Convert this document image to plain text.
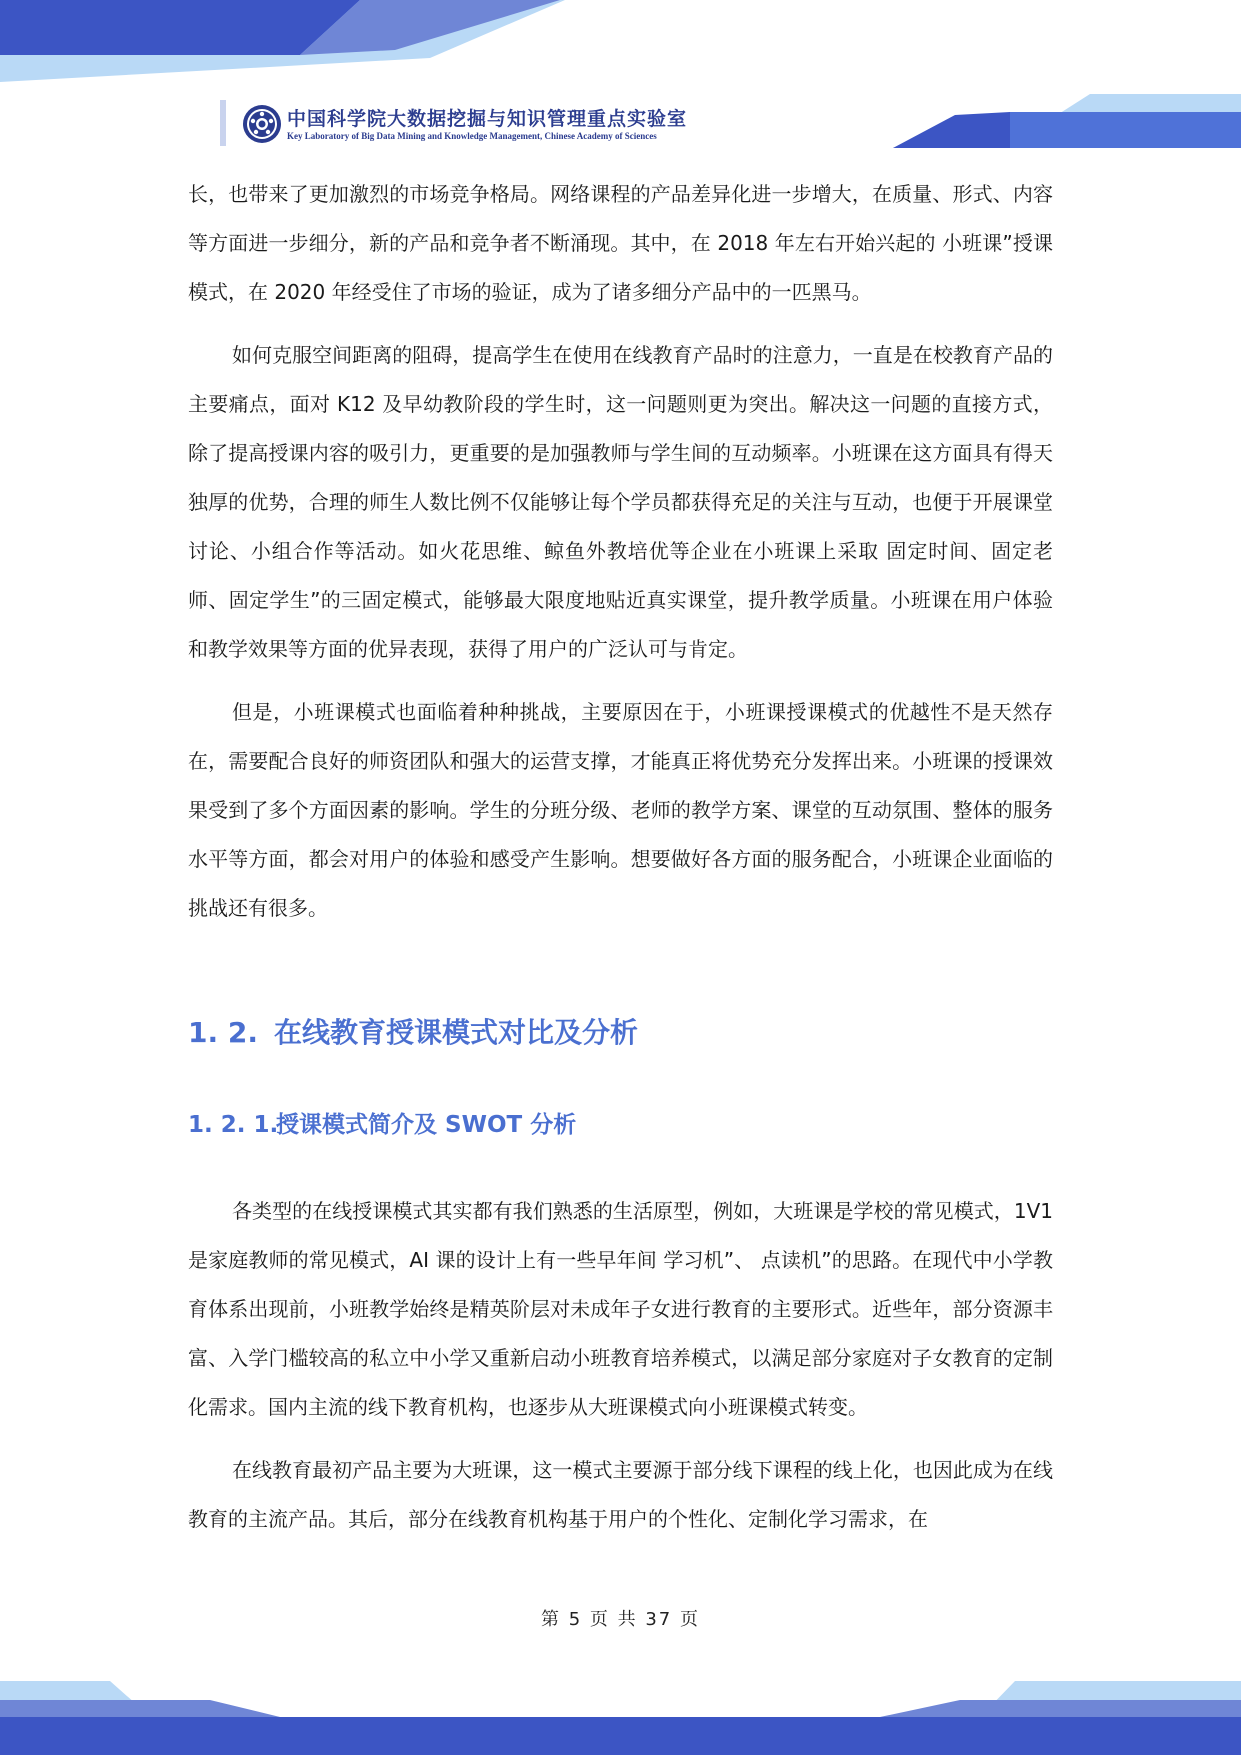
中国科学院大数据挖掘与知识管理重点实验室
Key Laboratory of Big Data Mining and Knowledge Management, Chinese Academy of Sciences

长，也带来了更加激烈的市场竞争格局。网络课程的产品差异化进一步增大，在质量、形式、内容等方面进一步细分，新的产品和竞争者不断涌现。其中，在 2018 年左右开始兴起的 小班课”授课模式，在 2020 年经受住了市场的验证，成为了诸多细分产品中的一匹黑马。

如何克服空间距离的阻碍，提高学生在使用在线教育产品时的注意力，一直是在校教育产品的主要痛点，面对 K12 及早幼教阶段的学生时，这一问题则更为突出。解决这一问题的直接方式，除了提高授课内容的吸引力，更重要的是加强教师与学生间的互动频率。小班课在这方面具有得天独厚的优势，合理的师生人数比例不仅能够让每个学员都获得充足的关注与互动，也便于开展课堂讨论、小组合作等活动。如火花思维、鲸鱼外教培优等企业在小班课上采取 固定时间、固定老师、固定学生”的三固定模式，能够最大限度地贴近真实课堂，提升教学质量。小班课在用户体验和教学效果等方面的优异表现，获得了用户的广泛认可与肯定。

但是，小班课模式也面临着种种挑战，主要原因在于，小班课授课模式的优越性不是天然存在，需要配合良好的师资团队和强大的运营支撑，才能真正将优势充分发挥出来。小班课的授课效果受到了多个方面因素的影响。学生的分班分级、老师的教学方案、课堂的互动氛围、整体的服务水平等方面，都会对用户的体验和感受产生影响。想要做好各方面的服务配合，小班课企业面临的挑战还有很多。

1. 2. 在线教育授课模式对比及分析
1. 2. 1.授课模式简介及 SWOT 分析

各类型的在线授课模式其实都有我们熟悉的生活原型，例如，大班课是学校的常见模式，1V1 是家庭教师的常见模式，AI 课的设计上有一些早年间 学习机”、 点读机”的思路。在现代中小学教育体系出现前，小班教学始终是精英阶层对未成年子女进行教育的主要形式。近些年，部分资源丰富、入学门槛较高的私立中小学又重新启动小班教育培养模式，以满足部分家庭对子女教育的定制化需求。国内主流的线下教育机构，也逐步从大班课模式向小班课模式转变。

在线教育最初产品主要为大班课，这一模式主要源于部分线下课程的线上化，也因此成为在线教育的主流产品。其后，部分在线教育机构基于用户的个性化、定制化学习需求，在

第 5 页 共 37 页
